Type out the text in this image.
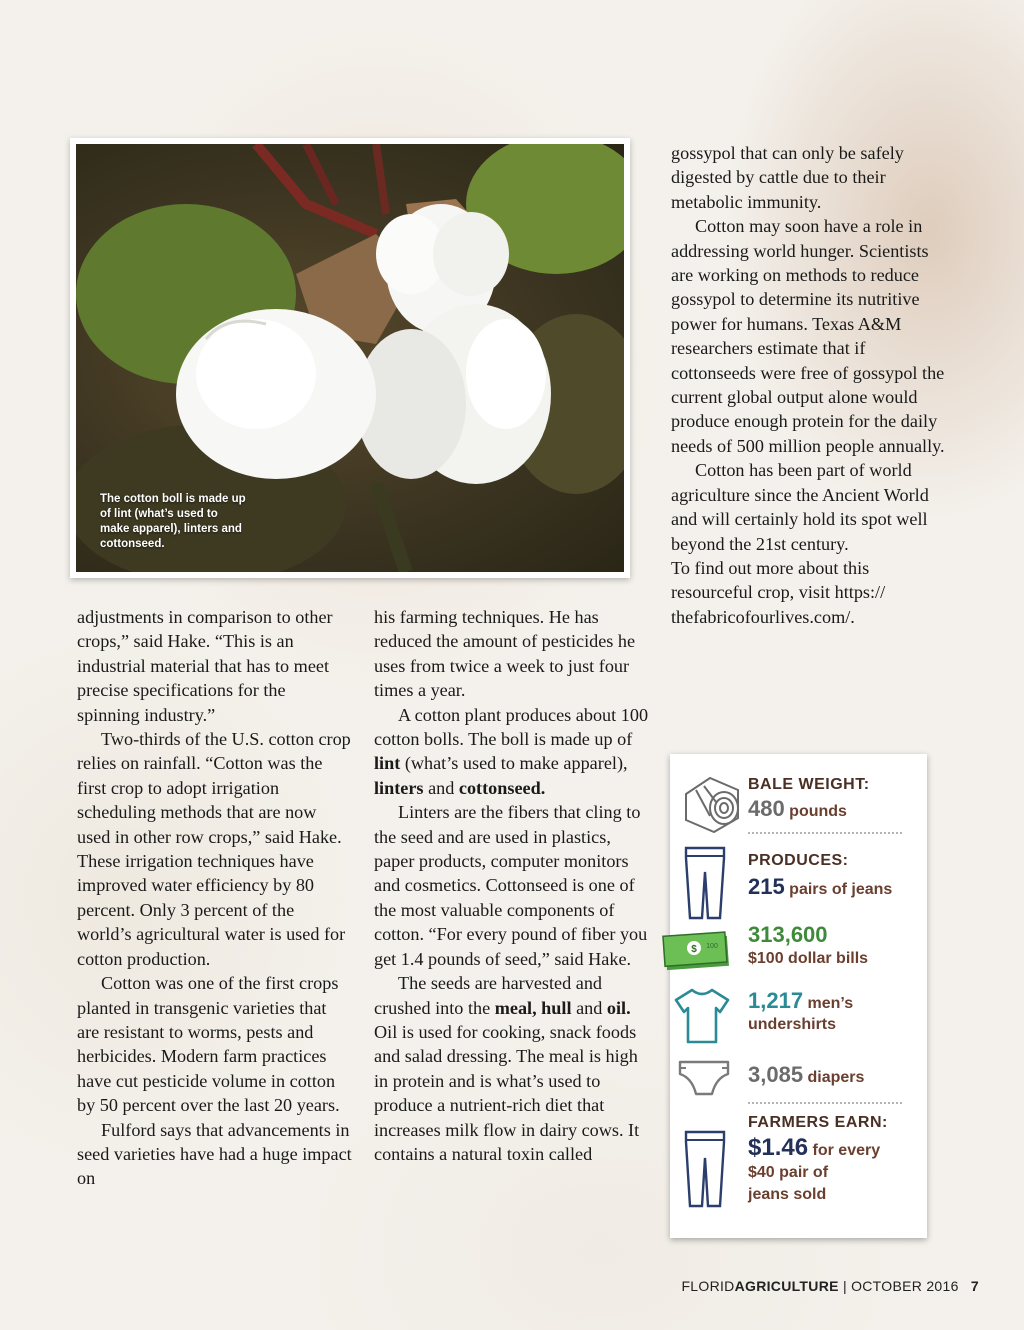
The cotton boll is made up of lint (what’s used to make apparel), linters and cottonseed.

adjustments in comparison to other crops,” said Hake. “This is an industrial material that has to meet precise specifications for the spinning industry.”

Two-thirds of the U.S. cotton crop relies on rainfall. “Cotton was the first crop to adopt irrigation scheduling methods that are now used in other row crops,” said Hake. These irrigation techniques have improved water efficiency by 80 percent. Only 3 percent of the world’s agricultural water is used for cotton production.

Cotton was one of the first crops planted in transgenic varieties that are resistant to worms, pests and herbicides. Modern farm practices have cut pesticide volume in cotton by 50 percent over the last 20 years.

Fulford says that advancements in seed varieties have had a huge impact on

his farming techniques. He has reduced the amount of pesticides he uses from twice a week to just four times a year.

A cotton plant produces about 100 cotton bolls. The boll is made up of lint (what’s used to make apparel), linters and cottonseed.

Linters are the fibers that cling to the seed and are used in plastics, paper products, computer monitors and cosmetics. Cottonseed is one of the most valuable components of cotton. “For every pound of fiber you get 1.4 pounds of seed,” said Hake.

The seeds are harvested and crushed into the meal, hull and oil. Oil is used for cooking, snack foods and salad dressing. The meal is high in protein and is what’s used to produce a nutrient-rich diet that increases milk flow in dairy cows. It contains a natural toxin called

gossypol that can only be safely digested by cattle due to their metabolic immunity.

Cotton may soon have a role in addressing world hunger. Scientists are working on methods to reduce gossypol to determine its nutritive power for humans. Texas A&M researchers estimate that if cottonseeds were free of gossypol the current global output alone would produce enough protein for the daily needs of 500 million people annually.

Cotton has been part of world agriculture since the Ancient World and will certainly hold its spot well beyond the 21st century.

To find out more about this resourceful crop, visit https:// thefabricofourlives.com/.

BALE WEIGHT:
480 pounds
PRODUCES:
215 pairs of jeans
$ 100 313,600
$100 dollar bills
1,217 men’s
undershirts
3,085 diapers
FARMERS EARN:
$1.46 for every
$40 pair of
jeans sold
FLORIDAGRICULTURE | OCTOBER 2016 7
